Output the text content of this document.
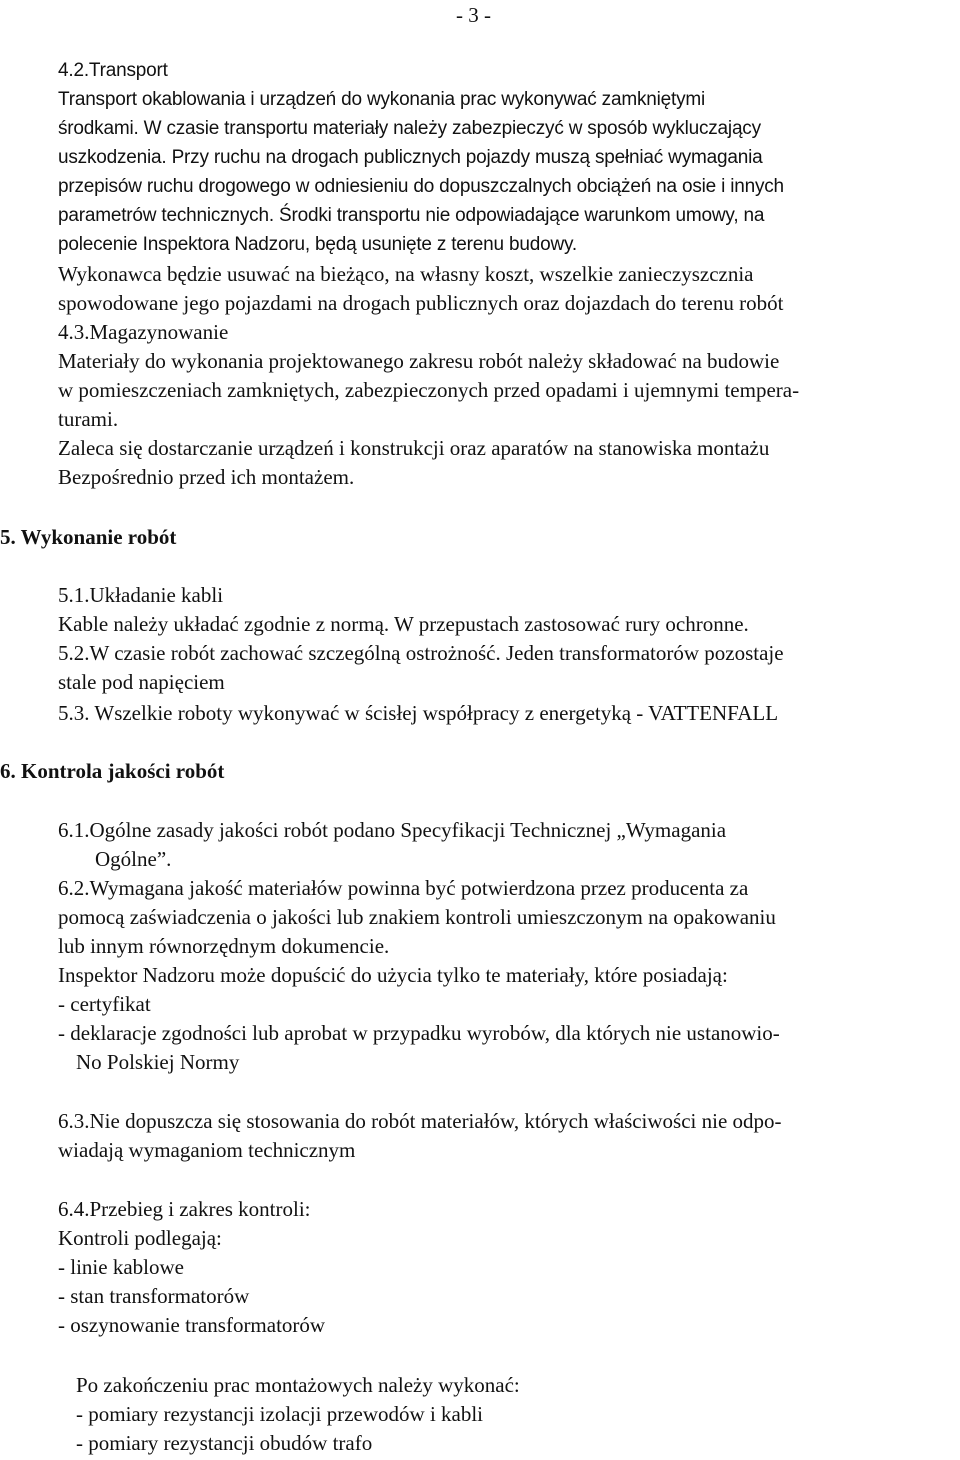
- 3 -
4.2.Transport
Transport okablowania i urządzeń do wykonania prac wykonywać zamkniętymi
środkami. W czasie transportu materiały należy zabezpieczyć w sposób wykluczający
uszkodzenia. Przy ruchu na drogach publicznych pojazdy muszą spełniać wymagania
przepisów ruchu drogowego w odniesieniu do dopuszczalnych obciążeń na osie i innych
parametrów technicznych. Środki transportu nie odpowiadające warunkom umowy, na
polecenie Inspektora Nadzoru, będą usunięte z terenu budowy.
Wykonawca będzie usuwać na bieżąco, na własny koszt, wszelkie zanieczyszcznia
spowodowane jego pojazdami na drogach publicznych oraz dojazdach do terenu robót
4.3.Magazynowanie
Materiały do wykonania projektowanego zakresu robót należy składować na budowie
w pomieszczeniach zamkniętych, zabezpieczonych przed opadami i ujemnymi tempera-
turami.
Zaleca się dostarczanie urządzeń i konstrukcji oraz aparatów na stanowiska montażu
Bezpośrednio przed ich montażem.
5. Wykonanie robót
5.1.Układanie kabli
Kable należy układać zgodnie z normą. W przepustach zastosować rury ochronne.
5.2.W czasie robót zachować szczególną ostrożność. Jeden transformatorów pozostaje
stale pod napięciem
5.3. Wszelkie roboty wykonywać w ścisłej współpracy z energetyką - VATTENFALL
6. Kontrola jakości robót
6.1.Ogólne zasady jakości robót podano Specyfikacji Technicznej „Wymagania
Ogólne”.
6.2.Wymagana jakość materiałów powinna być potwierdzona przez producenta za
pomocą zaświadczenia o jakości lub znakiem kontroli umieszczonym na opakowaniu
lub innym równorzędnym dokumencie.
Inspektor Nadzoru może dopuścić do użycia tylko te materiały, które posiadają:
- certyfikat
- deklaracje zgodności lub aprobat w przypadku wyrobów, dla których nie ustanowio-
No Polskiej Normy
6.3.Nie dopuszcza się stosowania do robót materiałów, których właściwości nie odpo-
wiadają wymaganiom technicznym
6.4.Przebieg i zakres kontroli:
Kontroli podlegają:
- linie kablowe
- stan transformatorów
- oszynowanie transformatorów
Po zakończeniu prac montażowych należy wykonać:
- pomiary rezystancji izolacji przewodów i kabli
- pomiary rezystancji obudów trafo
